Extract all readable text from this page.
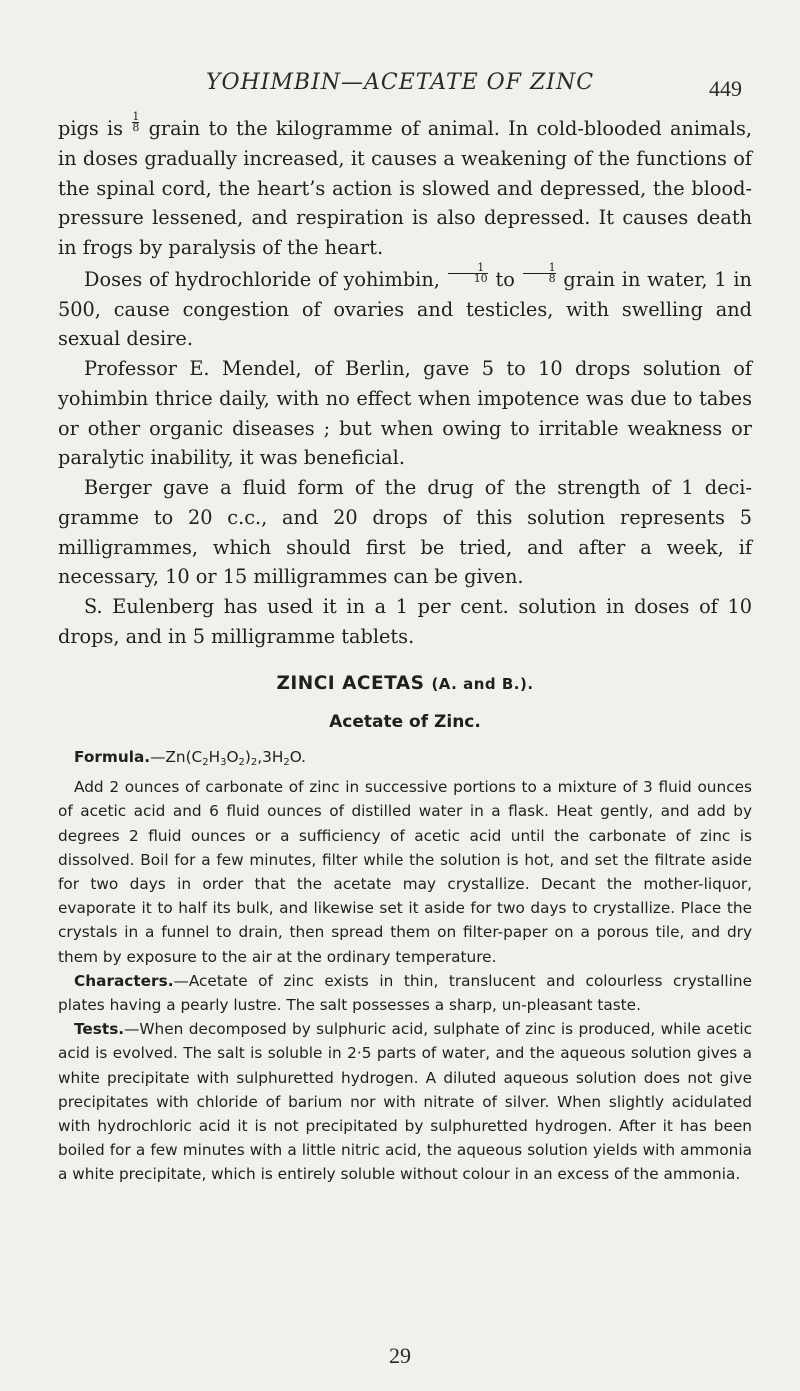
YOHIMBIN—ACETATE OF ZINC	449

pigs is $\frac{1}{8}$ grain to the kilogramme of animal. In cold-blooded animals, in doses gradually increased, it causes a weakening of the functions of the spinal cord, the heart’s action is slowed and depressed, the blood-pressure lessened, and respiration is also depressed. It causes death in frogs by paralysis of the heart.

Doses of hydrochloride of yohimbin, $\frac{1}{10}$ to $\frac{1}{8}$ grain in water, 1 in 500, cause congestion of ovaries and testicles, with swelling and sexual desire.

Professor E. Mendel, of Berlin, gave 5 to 10 drops solution of yohimbin thrice daily, with no effect when impotence was due to tabes or other organic diseases ; but when owing to irritable weakness or paralytic inability, it was beneficial.

Berger gave a fluid form of the drug of the strength of 1 deci-gramme to 20 c.c., and 20 drops of this solution represents 5 milligrammes, which should first be tried, and after a week, if necessary, 10 or 15 milligrammes can be given.

S. Eulenberg has used it in a 1 per cent. solution in doses of 10 drops, and in 5 milligramme tablets.

ZINCI ACETAS (A. and B.).
Acetate of Zinc.

$Formula.—Zn(C_2H_3O_2)_2,3H_2O$.

Add 2 ounces of carbonate of zinc in successive portions to a mixture of 3 fluid ounces of acetic acid and 6 fluid ounces of distilled water in a flask. Heat gently, and add by degrees 2 fluid ounces or a sufficiency of acetic acid until the carbonate of zinc is dissolved. Boil for a few minutes, filter while the solution is hot, and set the filtrate aside for two days in order that the acetate may crystallize. Decant the mother-liquor, evaporate it to half its bulk, and likewise set it aside for two days to crystallize. Place the crystals in a funnel to drain, then spread them on filter-paper on a porous tile, and dry them by exposure to the air at the ordinary temperature.

Characters.—Acetate of zinc exists in thin, translucent and colourless crystalline plates having a pearly lustre. The salt possesses a sharp, un-pleasant taste.

Tests.—When decomposed by sulphuric acid, sulphate of zinc is produced, while acetic acid is evolved. The salt is soluble in 2·5 parts of water, and the aqueous solution gives a white precipitate with sulphuretted hydrogen. A diluted aqueous solution does not give precipitates with chloride of barium nor with nitrate of silver. When slightly acidulated with hydrochloric acid it is not precipitated by sulphuretted hydrogen. After it has been boiled for a few minutes with a little nitric acid, the aqueous solution yields with ammonia a white precipitate, which is entirely soluble without colour in an excess of the ammonia.

29
